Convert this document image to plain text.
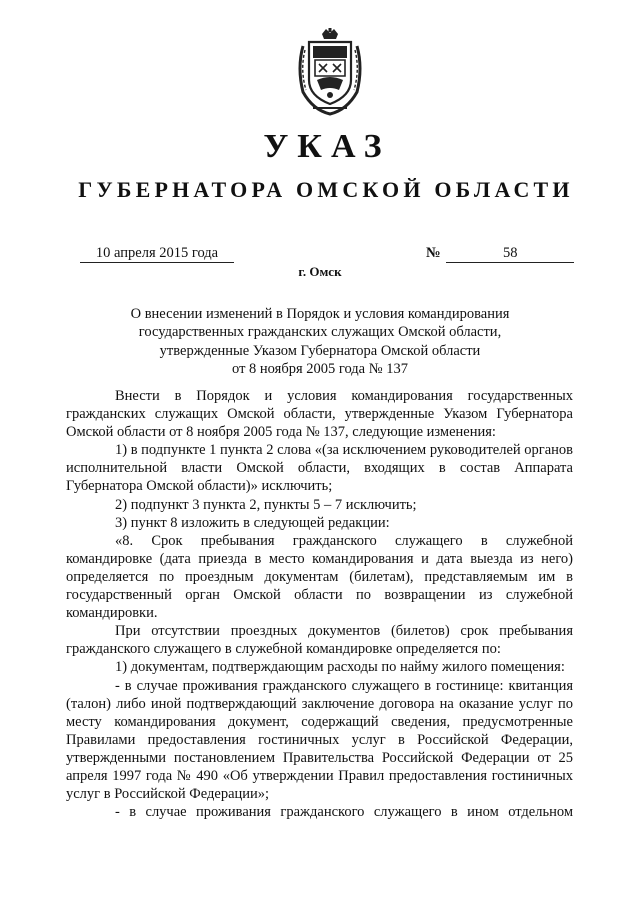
УКАЗ
ГУБЕРНАТОРА ОМСКОЙ ОБЛАСТИ
10 апреля 2015 года	№	58
г. Омск
О внесении изменений в Порядок и условия командирования
государственных гражданских служащих Омской области,
утвержденные Указом Губернатора Омской области
от 8 ноября 2005 года № 137

Внести в Порядок и условия командирования государственных гражданских служащих Омской области, утвержденные Указом Губернатора Омской области от 8 ноября 2005 года № 137, следующие изменения:

1) в подпункте 1 пункта 2 слова «(за исключением руководителей органов исполнительной власти Омской области, входящих в состав Аппарата Губернатора Омской области)» исключить;

2) подпункт 3 пункта 2, пункты 5 – 7 исключить;

3) пункт 8 изложить в следующей редакции:

«8. Срок пребывания гражданского служащего в служебной командировке (дата приезда в место командирования и дата выезда из него) определяется по проездным документам (билетам), представляемым им в государственный орган Омской области по возвращении из служебной командировки.

При отсутствии проездных документов (билетов) срок пребывания гражданского служащего в служебной командировке определяется по:

1) документам, подтверждающим расходы по найму жилого помещения:

- в случае проживания гражданского служащего в гостинице: квитанция (талон) либо иной подтверждающий заключение договора на оказание услуг по месту командирования документ, содержащий сведения, предусмотренные Правилами предоставления гостиничных услуг в Российской Федерации, утвержденными постановлением Правительства Российской Федерации от 25 апреля 1997 года № 490 «Об утверждении Правил предоставления гостиничных услуг в Российской Федерации»;

- в случае проживания гражданского служащего в ином отдельном
